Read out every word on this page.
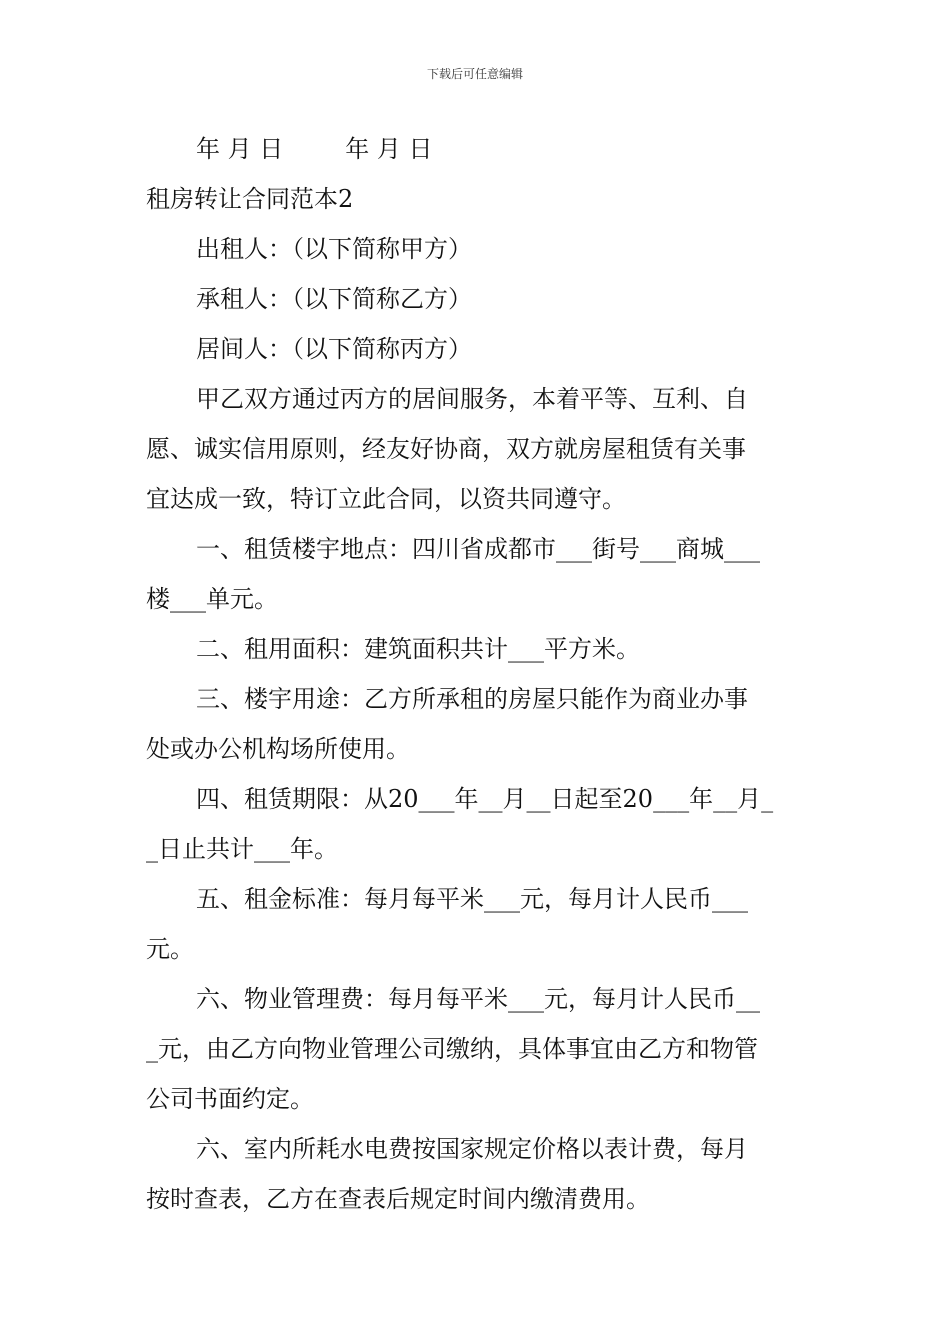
下载后可任意编辑
年 月 日	年 月 日
租房转让合同范本2
出租人：（以下简称甲方）
承租人：（以下简称乙方）
居间人：（以下简称丙方）
甲乙双方通过丙方的居间服务，本着平等、互利、自
愿、诚实信用原则，经友好协商，双方就房屋租赁有关事
宜达成一致，特订立此合同，以资共同遵守。
一、租赁楼宇地点：四川省成都市___街号___商城___
楼___单元。
二、租用面积：建筑面积共计___平方米。
三、楼宇用途：乙方所承租的房屋只能作为商业办事
处或办公机构场所使用。
四、租赁期限：从20___年__月__日起至20___年__月_
_日止共计___年。
五、租金标准：每月每平米___元，每月计人民币___
元。
六、物业管理费：每月每平米___元，每月计人民币__
_元，由乙方向物业管理公司缴纳，具体事宜由乙方和物管
公司书面约定。
六、室内所耗水电费按国家规定价格以表计费，每月
按时查表，乙方在查表后规定时间内缴清费用。
